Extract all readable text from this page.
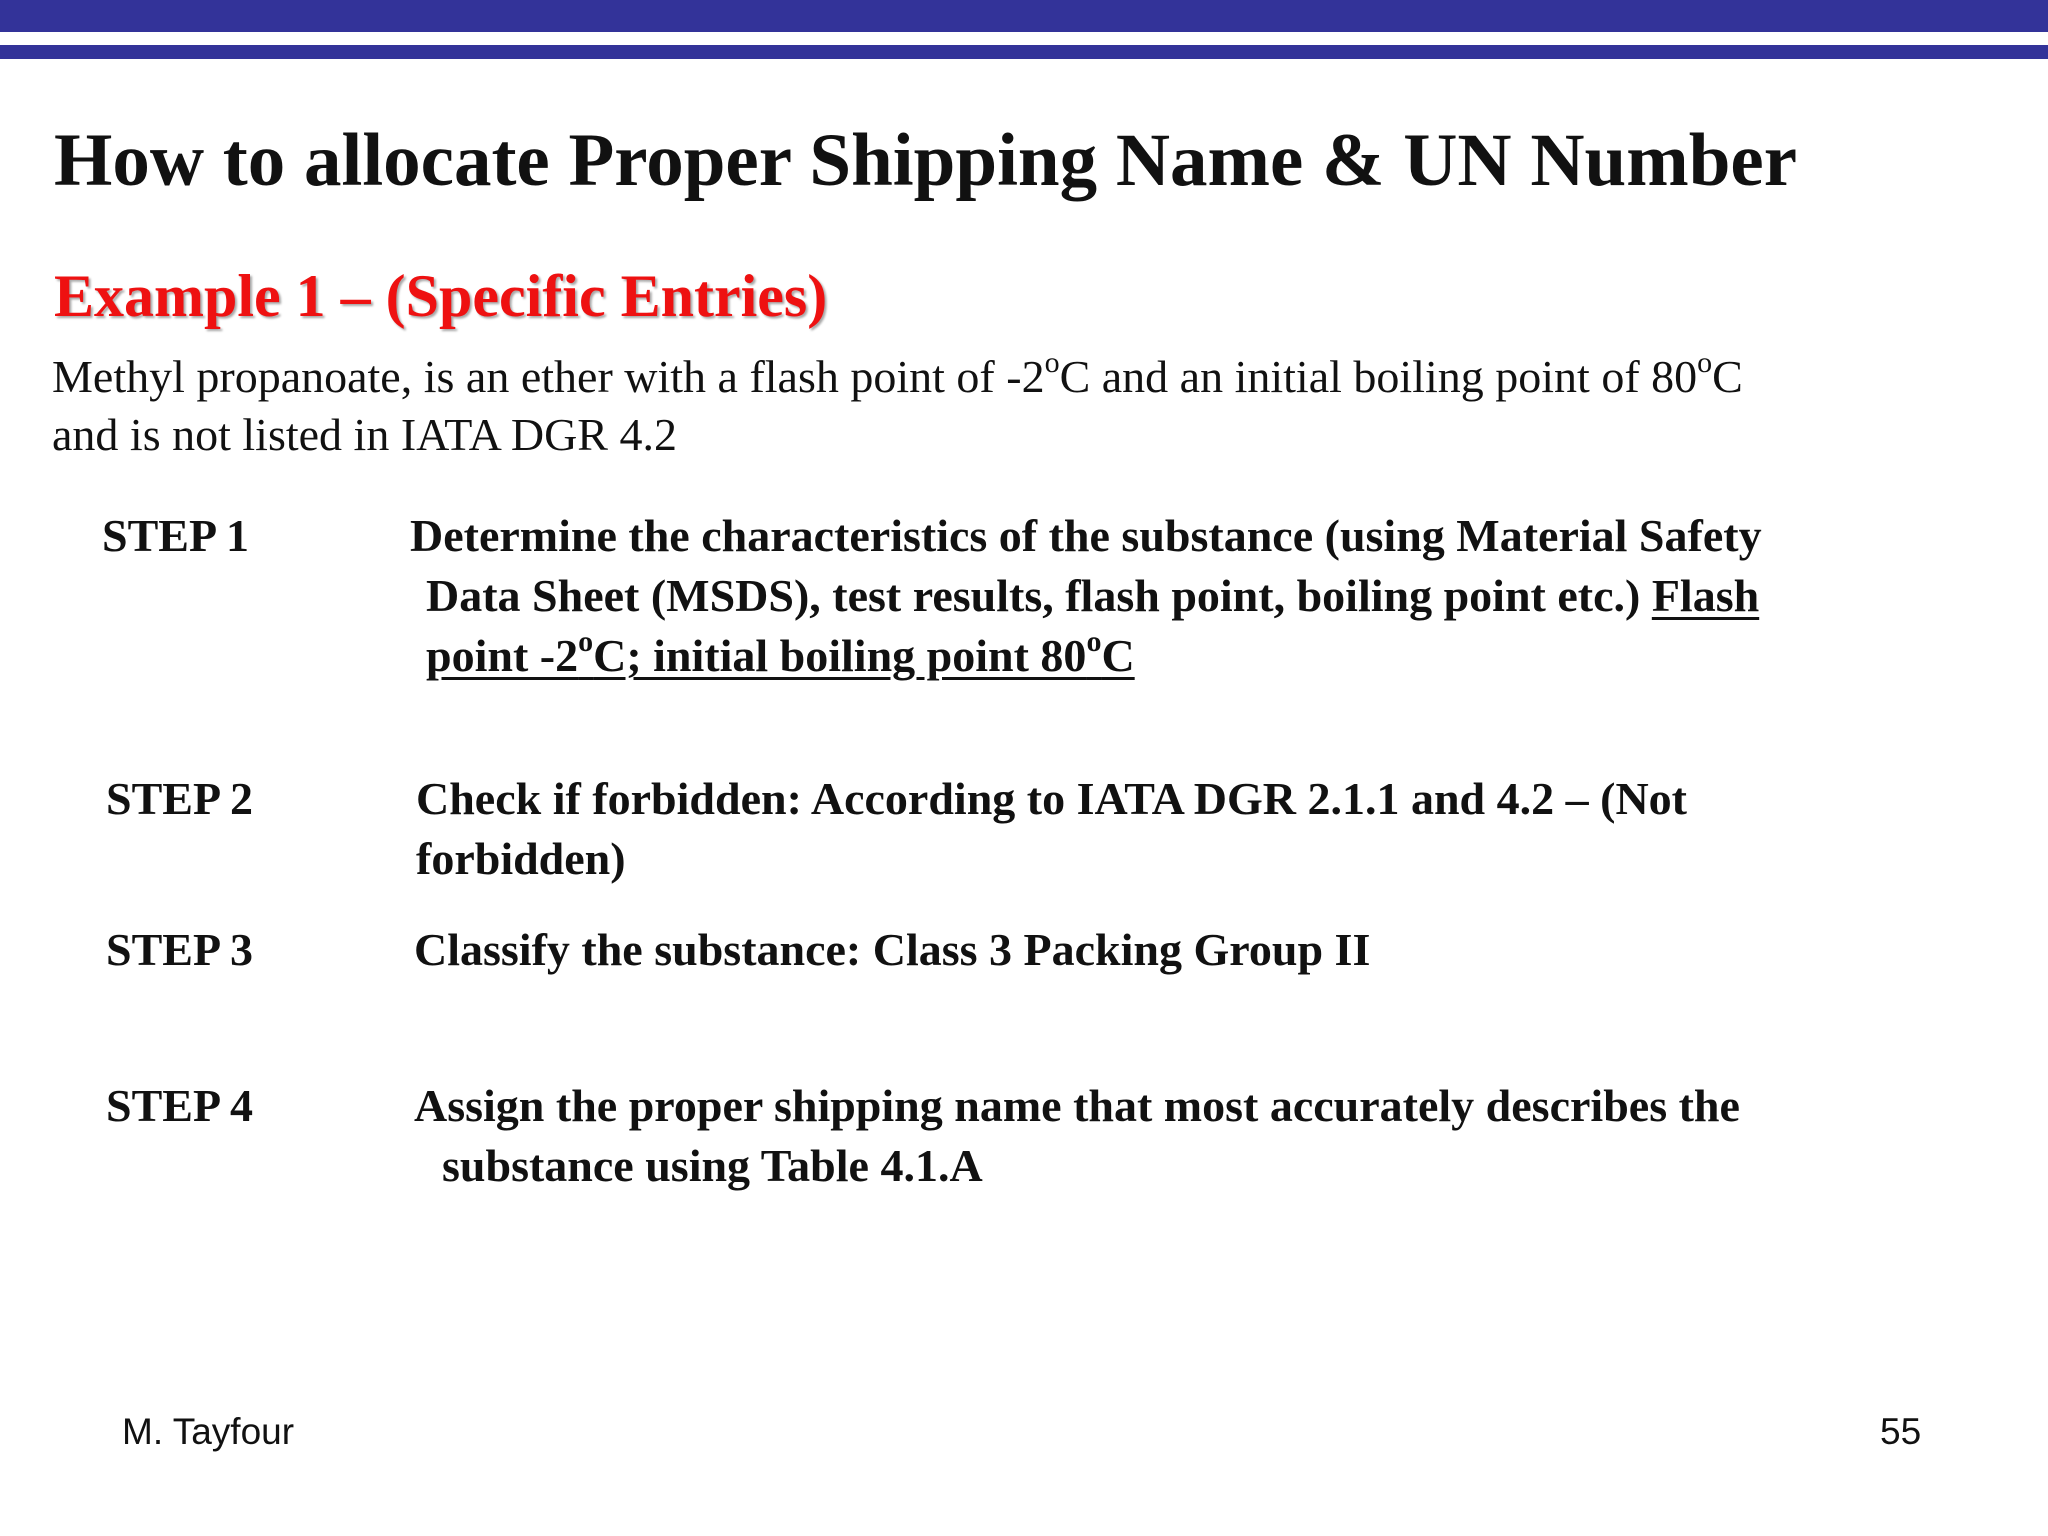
How to allocate Proper Shipping Name & UN Number
Example 1 – (Specific Entries)

Methyl propanoate, is an ether with a flash point of -2$^o$C and an initial boiling point of 80$^o$C
and is not listed in IATA DGR 4.2

STEP 1	Determine the characteristics of the substance (using Material Safety
Data Sheet (MSDS), test results, flash point, boiling point etc.) Flash
point -2$^o$C; initial boiling point 80$^o$C

STEP 2	Check if forbidden: According to IATA DGR 2.1.1 and 4.2 – (Not
forbidden)

STEP 3	Classify the substance: Class 3 Packing Group II

STEP 4	Assign the proper shipping name that most accurately describes the
substance using Table 4.1.A

M. Tayfour	55
